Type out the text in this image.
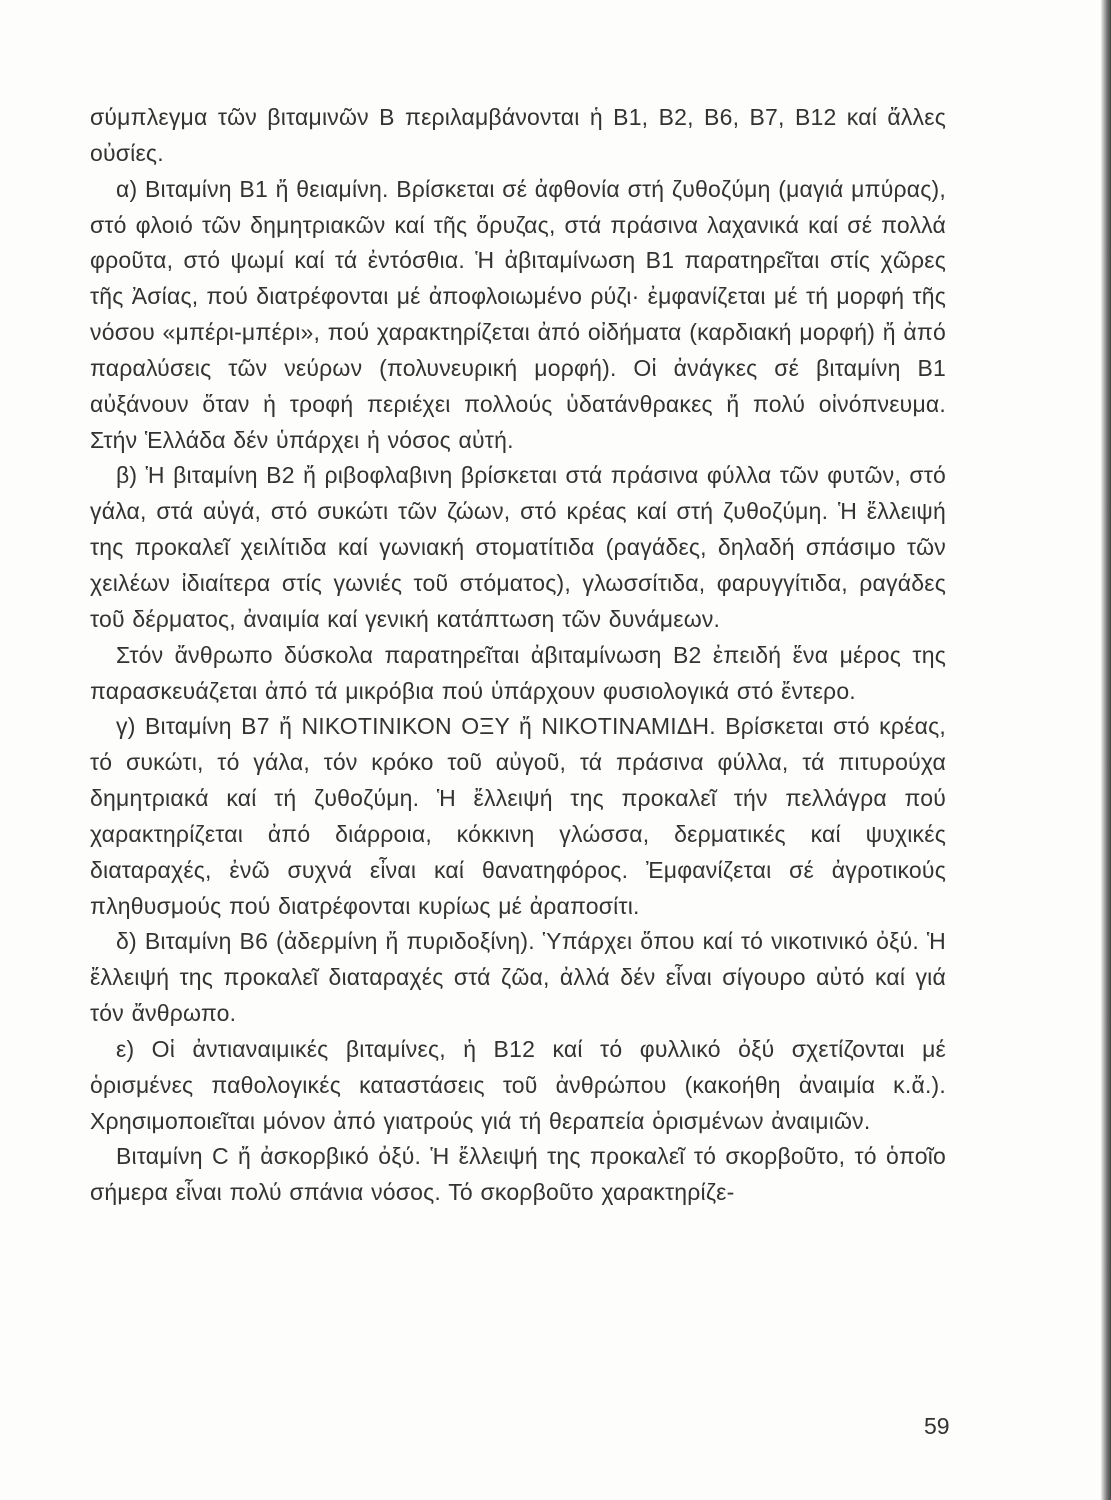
σύμπλεγμα τῶν βιταμινῶν Β περιλαμβάνονται ἡ Β1, Β2, Β6, Β7, Β12 καί ἄλλες οὐσίες.

α) Βιταμίνη Β1 ἤ θειαμίνη. Βρίσκεται σέ ἀφθονία στή ζυθοζύμη (μαγιά μπύρας), στό φλοιό τῶν δημητριακῶν καί τῆς ὄρυζας, στά πράσινα λαχανικά καί σέ πολλά φροῦτα, στό ψωμί καί τά ἐντόσθια. Ἡ ἀβιταμίνωση Β1 παρατηρεῖται στίς χῶρες τῆς Ἀσίας, πού διατρέφονται μέ ἀποφλοιωμένο ρύζι· ἐμφανίζεται μέ τή μορφή τῆς νόσου «μπέρι-μπέρι», πού χαρακτηρίζεται ἀπό οἰδήματα (καρδιακή μορφή) ἤ ἀπό παραλύσεις τῶν νεύρων (πολυνευρική μορφή). Οἱ ἀνάγκες σέ βιταμίνη Β1 αὐξάνουν ὅταν ἡ τροφή περιέχει πολλούς ὑδατάνθρακες ἤ πολύ οἰνόπνευμα. Στήν Ἑλλάδα δέν ὑπάρχει ἡ νόσος αὐτή.

β) Ἡ βιταμίνη Β2 ἤ ριβοφλαβινη βρίσκεται στά πράσινα φύλλα τῶν φυτῶν, στό γάλα, στά αὐγά, στό συκώτι τῶν ζώων, στό κρέας καί στή ζυθοζύμη. Ἡ ἔλλειψή της προκαλεῖ χειλίτιδα καί γωνιακή στοματίτιδα (ραγάδες, δηλαδή σπάσιμο τῶν χειλέων ἰδιαίτερα στίς γωνιές τοῦ στόματος), γλωσσίτιδα, φαρυγγίτιδα, ραγάδες τοῦ δέρματος, ἀναιμία καί γενική κατάπτωση τῶν δυνάμεων.

Στόν ἄνθρωπο δύσκολα παρατηρεῖται ἀβιταμίνωση Β2 ἐπειδή ἕνα μέρος της παρασκευάζεται ἀπό τά μικρόβια πού ὑπάρχουν φυσιολογικά στό ἔντερο.

γ) Βιταμίνη Β7 ἤ ΝΙΚΟΤΙΝΙΚΟΝ ΟΞΥ ἤ ΝΙΚΟΤΙΝΑΜΙΔΗ. Βρίσκεται στό κρέας, τό συκώτι, τό γάλα, τόν κρόκο τοῦ αὐγοῦ, τά πράσινα φύλλα, τά πιτυρούχα δημητριακά καί τή ζυθοζύμη. Ἡ ἔλλειψή της προκαλεῖ τήν πελλάγρα πού χαρακτηρίζεται ἀπό διάρροια, κόκκινη γλώσσα, δερματικές καί ψυχικές διαταραχές, ἐνῶ συχνά εἶναι καί θανατηφόρος. Ἐμφανίζεται σέ ἀγροτικούς πληθυσμούς πού διατρέφονται κυρίως μέ ἀραποσίτι.

δ) Βιταμίνη Β6 (ἀδερμίνη ἤ πυριδοξίνη). Ὑπάρχει ὅπου καί τό νικοτινικό ὀξύ. Ἡ ἔλλειψή της προκαλεῖ διαταραχές στά ζῶα, ἀλλά δέν εἶναι σίγουρο αὐτό καί γιά τόν ἄνθρωπο.

ε) Οἱ ἀντιαναιμικές βιταμίνες, ἡ Β12 καί τό φυλλικό ὀξύ σχετίζονται μέ ὁρισμένες παθολογικές καταστάσεις τοῦ ἀνθρώπου (κακοήθη ἀναιμία κ.ἄ.). Χρησιμοποιεῖται μόνον ἀπό γιατρούς γιά τή θεραπεία ὁρισμένων ἀναιμιῶν.

Βιταμίνη C ἤ ἀσκορβικό ὀξύ. Ἡ ἔλλειψή της προκαλεῖ τό σκορβοῦτο, τό ὁποῖο σήμερα εἶναι πολύ σπάνια νόσος. Τό σκορβοῦτο χαρακτηρίζε-

59
